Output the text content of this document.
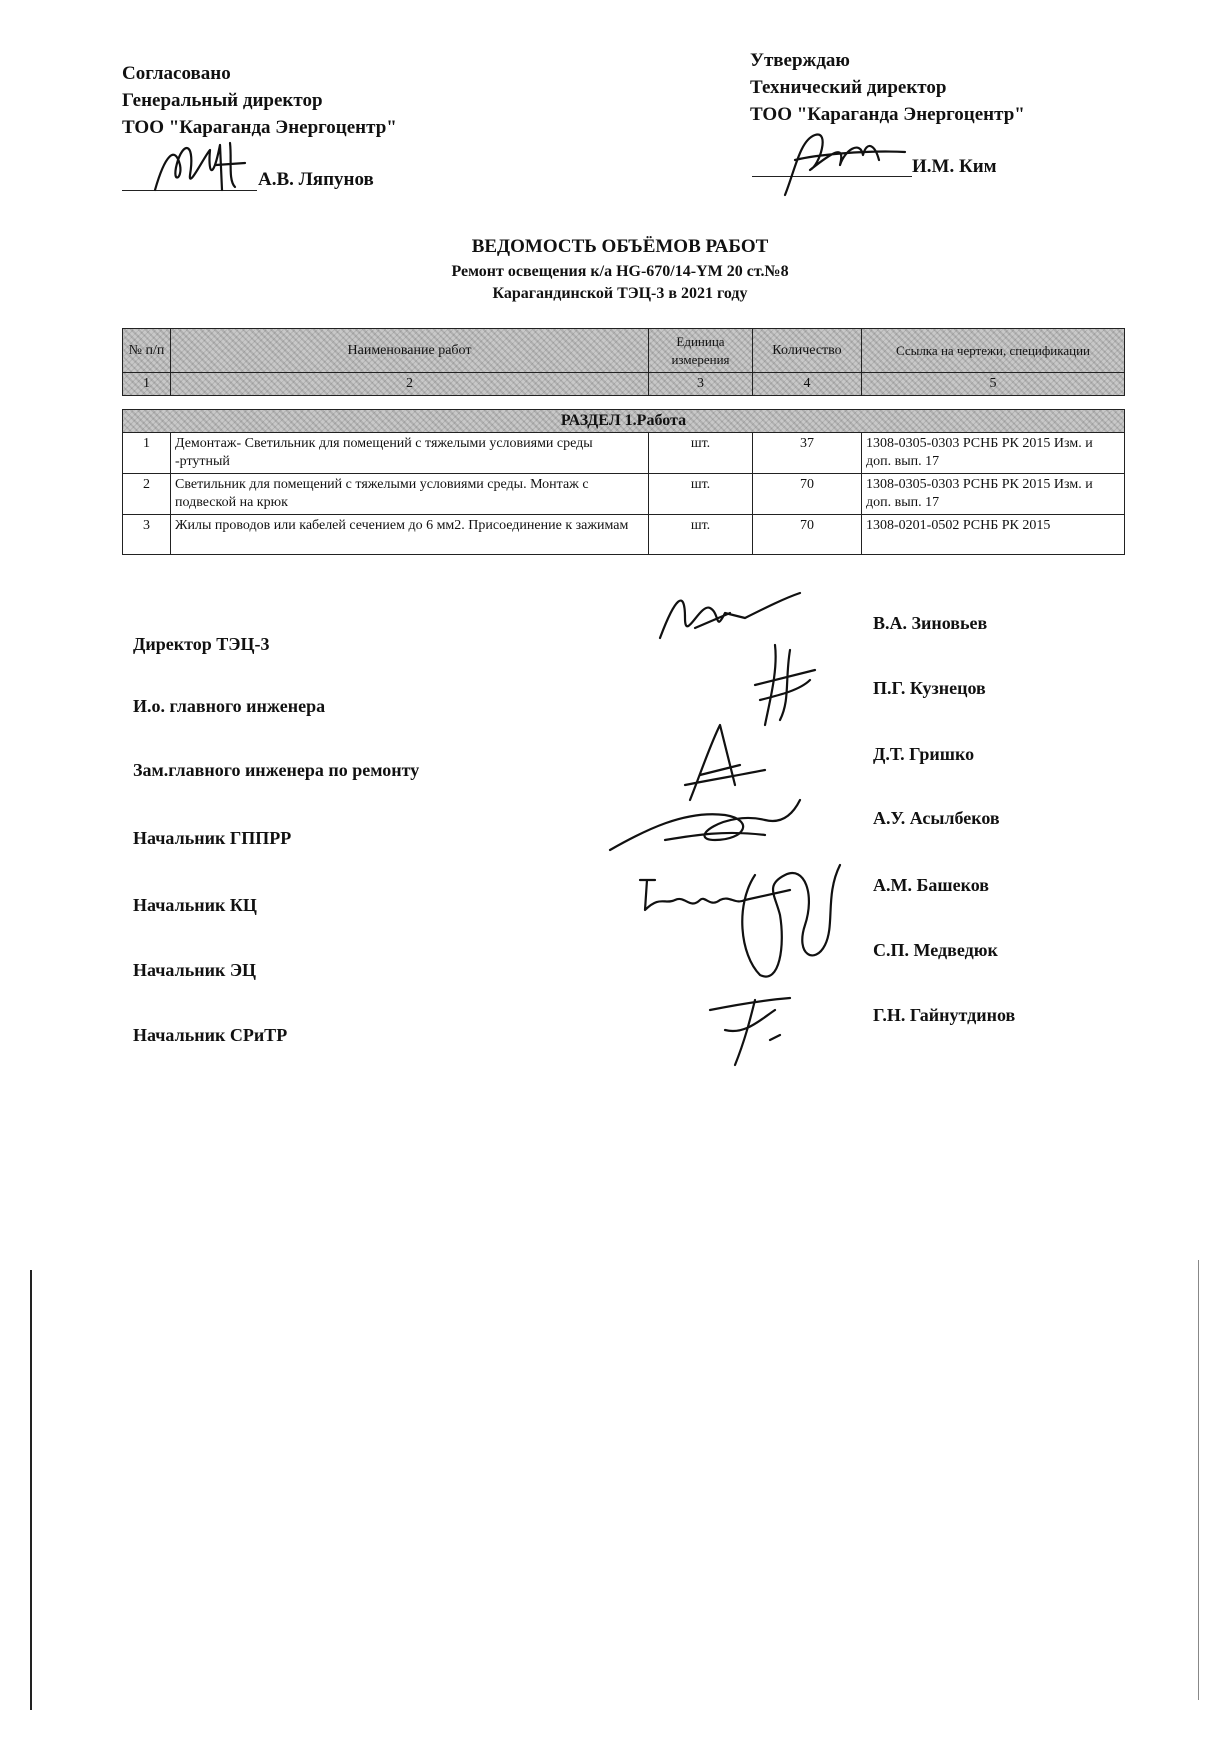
Согласовано
Генеральный директор
ТОО "Караганда Энергоцентр"
А.В. Ляпунов
Утверждаю
Технический директор
ТОО "Караганда Энергоцентр"
И.М. Ким
ВЕДОМОСТЬ ОБЪЁМОВ РАБОТ
Ремонт освещения к/а HG-670/14-YM 20 ст.№8
Карагандинской ТЭЦ-3 в 2021 году
№ п/п	Наименование работ	Единица измерения	Количество	Ссылка на чертежи, спецификации
1	2	3	4	5

РАЗДЕЛ 1.Работа				
1	Демонтаж- Светильник для помещений с тяжелыми условиями среды -ртутный	шт.	37	1308-0305-0303 РСНБ РК 2015 Изм. и доп. вып. 17
2	Светильник для помещений с тяжелыми условиями среды. Монтаж с подвеской на крюк	шт.	70	1308-0305-0303 РСНБ РК 2015 Изм. и доп. вып. 17
3	Жилы проводов или кабелей сечением до 6 мм2. Присоединение к зажимам	шт.	70	1308-0201-0502 РСНБ РК 2015
Директор ТЭЦ-3
В.А. Зиновьев
И.о. главного инженера
П.Г. Кузнецов
Зам.главного инженера по ремонту
Д.Т. Гришко
Начальник ГППРР
А.У. Асылбеков
Начальник КЦ
А.М. Башеков
Начальник ЭЦ
С.П. Медведюк
Начальник СРиТР
Г.Н. Гайнутдинов
